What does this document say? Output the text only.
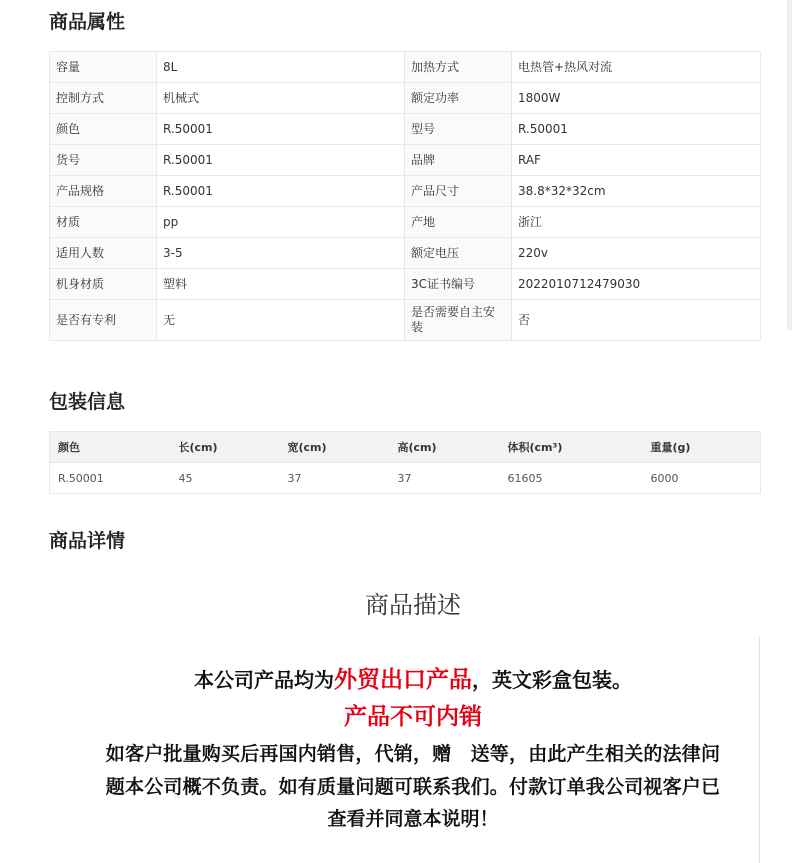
商品属性
容量	8L	加热方式	电热管+热风对流
控制方式	机械式	额定功率	1800W
颜色	R.50001	型号	R.50001
货号	R.50001	品牌	RAF
产品规格	R.50001	产品尺寸	38.8*32*32cm
材质	pp	产地	浙江
适用人数	3-5	额定电压	220v
机身材质	塑料	3C证书编号	2022010712479030
是否有专利	无	是否需要自主安装	否
包装信息
颜色	长(cm)	宽(cm)	高(cm)	体积(cm³)	重量(g)
R.50001	45	37	37	61605	6000
商品详情
商品描述

本公司产品均为外贸出口产品，英文彩盒包装。

产品不可内销

如客户批量购买后再国内销售，代销，赠　送等，由此产生相关的法律问

题本公司概不负责。如有质量问题可联系我们。付款订单我公司视客户已

查看并同意本说明！
